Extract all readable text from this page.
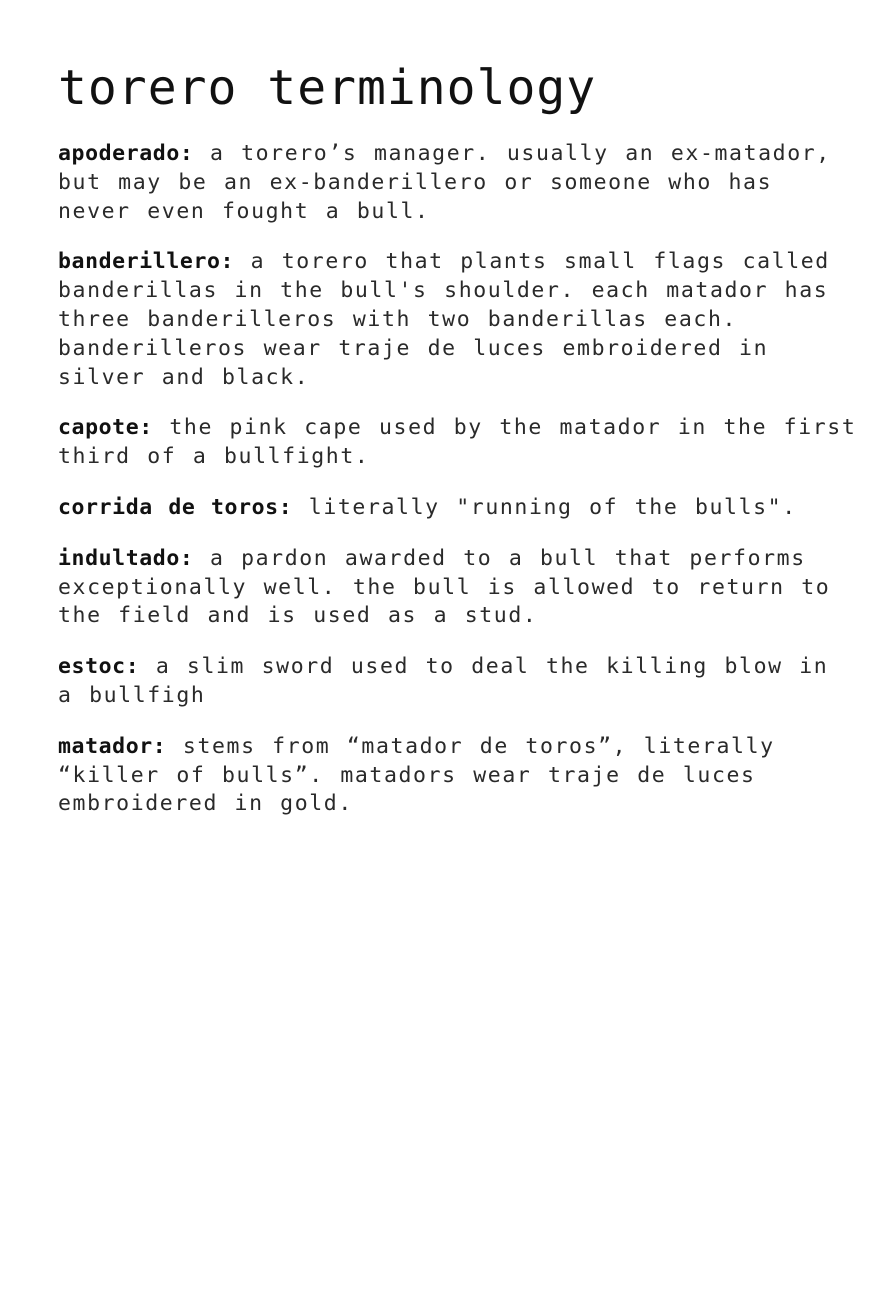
torero terminology

apoderado: a torero’s manager. usually an ex-matador, but may be an ex-banderillero or someone who has never even fought a bull.

banderillero: a torero that plants small flags called banderillas in the bull's shoulder. each matador has three banderilleros with two banderillas each. banderilleros wear traje de luces embroidered in silver and black.

capote: the pink cape used by the matador in the first third of a bullfight.

corrida de toros: literally "running of the bulls".

indultado: a pardon awarded to a bull that performs exceptionally well. the bull is allowed to return to the field and is used as a stud.

estoc: a slim sword used to deal the killing blow in a bullfigh

matador: stems from “matador de toros”, literally “killer of bulls”. matadors wear traje de luces embroidered in gold.
